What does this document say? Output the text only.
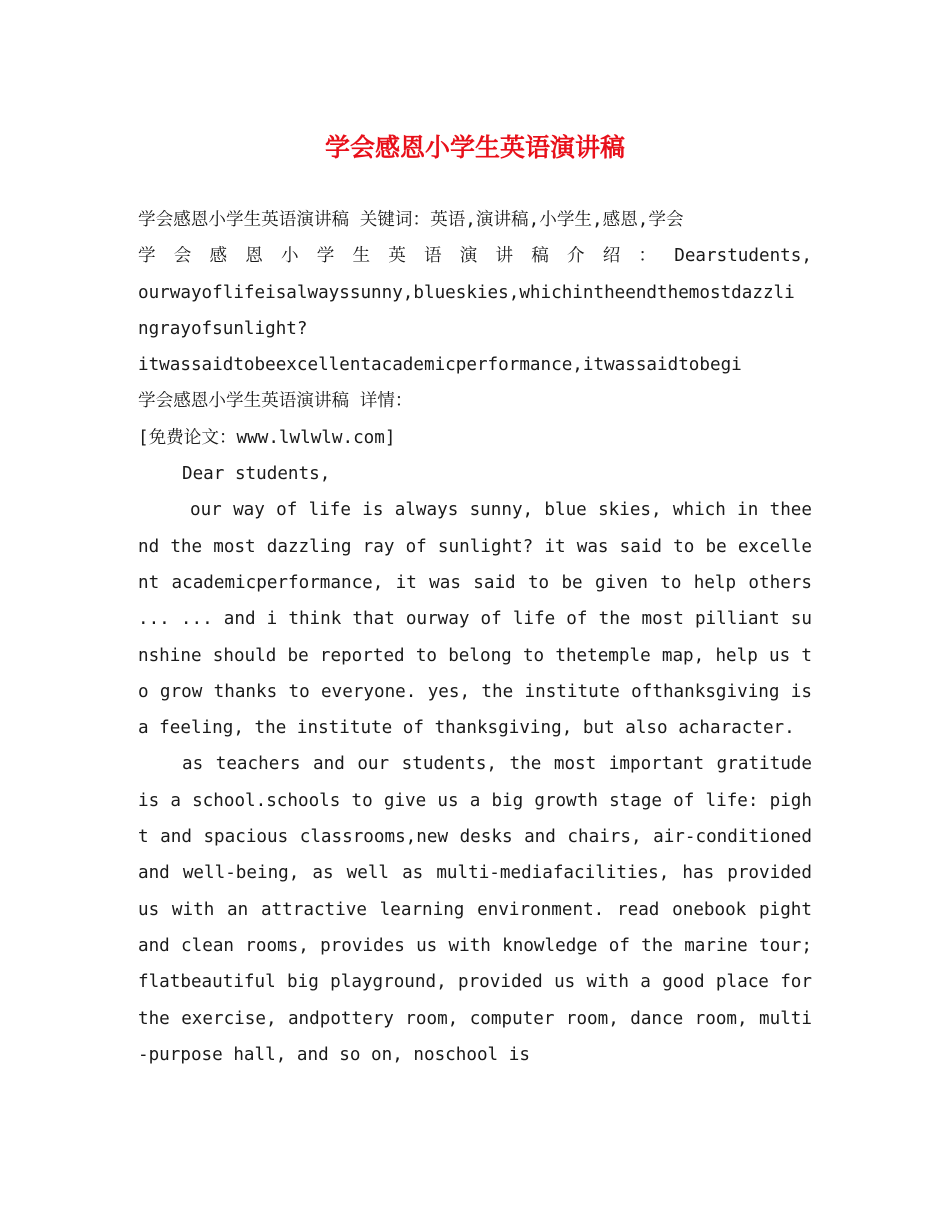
学会感恩小学生英语演讲稿
学会感恩小学生英语演讲稿 关键词：英语,演讲稿,小学生,感恩,学会
学 会 感 恩 小 学 生 英 语 演 讲 稿 介 绍 ： Dearstudents,
ourwayoflifeisalwayssunny,blueskies,whichintheendthemostdazzli
ngrayofsunlight?
itwassaidtobeexcellentacademicperformance,itwassaidtobegi
学会感恩小学生英语演讲稿 详情：
[免费论文：www.lwlwlw.com]
Dear students,

our way of life is always sunny, blue skies, which in theend the most dazzling ray of sunlight? it was said to be excellent academicperformance, it was said to be given to help others ... ... and i think that ourway of life of the most pilliant sunshine should be reported to belong to thetemple map, help us to grow thanks to everyone. yes, the institute ofthanksgiving is a feeling, the institute of thanksgiving, but also acharacter.

as teachers and our students, the most important gratitude is a school.schools to give us a big growth stage of life: pight and spacious classrooms,new desks and chairs, air-conditioned and well-being, as well as multi-mediafacilities, has provided us with an attractive learning environment. read onebook pight and clean rooms, provides us with knowledge of the marine tour; flatbeautiful big playground, provided us with a good place for the exercise, andpottery room, computer room, dance room, multi-purpose hall, and so on, noschool is
